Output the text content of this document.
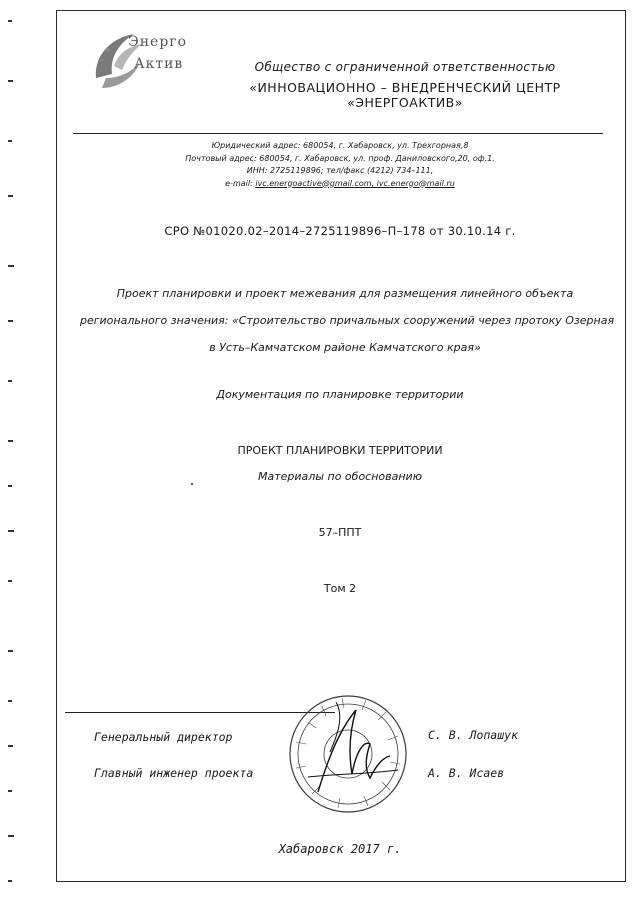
Энерго
Актив	Общество с ограниченной ответственностью
«ИННОВАЦИОННО – ВНЕДРЕНЧЕСКИЙ ЦЕНТР «ЭНЕРГОАКТИВ»
Юридический адрес: 680054, г. Хабаровск, ул. Трехгорная,8
Почтовый адрес: 680054, г. Хабаровск, ул. проф. Даниловского,20, оф.1.
ИНН: 2725119896; тел/факс (4212) 734–111,
e-mail: ivc.energoactive@gmail.com, ivc.energo@mail.ru
СРО №01020.02–2014–2725119896–П–178 от 30.10.14 г.
Проект планировки и проект межевания для размещения линейного объекта
регионального значения: «Строительство причальных сооружений через протоку Озерная
в Усть–Камчатском районе Камчатского края»
Документация по планировке территории
ПРОЕКТ ПЛАНИРОВКИ ТЕРРИТОРИИ
Материалы по обоснованию
57–ППТ
Том 2
Генеральный директор	С. В. Лопашук
Главный инженер проекта	А. В. Исаев
Хабаровск 2017 г.
